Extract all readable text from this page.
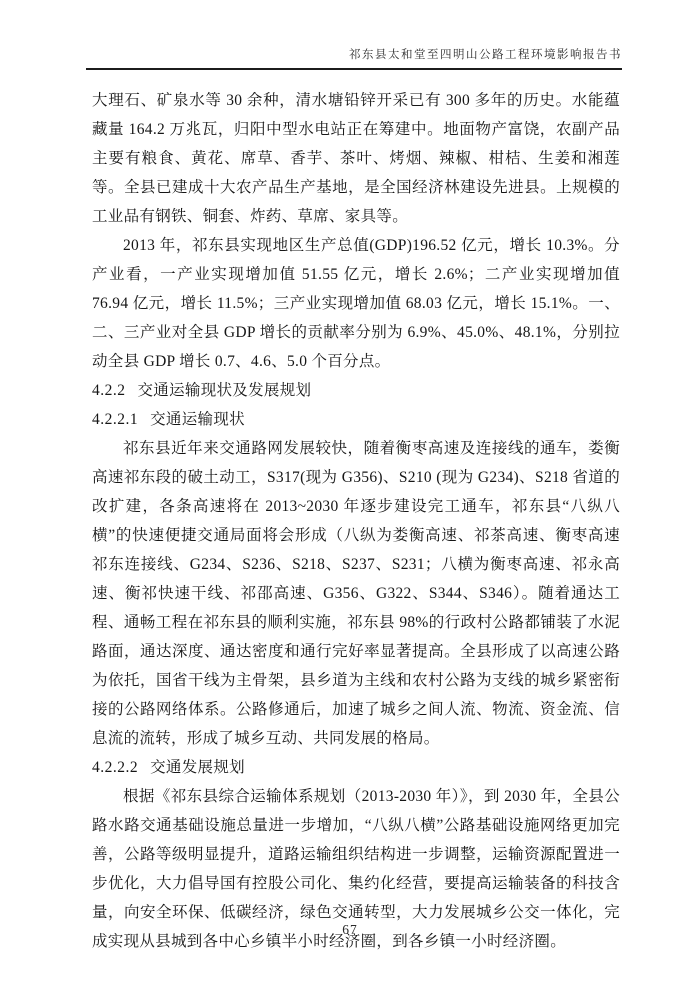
祁东县太和堂至四明山公路工程环境影响报告书

大理石、矿泉水等 30 余种，清水塘铅锌开采已有 300 多年的历史。水能蕴藏量 164.2 万兆瓦，归阳中型水电站正在筹建中。地面物产富饶，农副产品主要有粮食、黄花、席草、香芋、茶叶、烤烟、辣椒、柑桔、生姜和湘莲等。全县已建成十大农产品生产基地，是全国经济林建设先进县。上规模的工业品有钢铁、铜套、炸药、草席、家具等。

2013 年，祁东县实现地区生产总值(GDP)196.52 亿元，增长 10.3%。分产业看，一产业实现增加值 51.55 亿元，增长 2.6%；二产业实现增加值 76.94 亿元，增长 11.5%；三产业实现增加值 68.03 亿元，增长 15.1%。一、二、三产业对全县 GDP 增长的贡献率分别为 6.9%、45.0%、48.1%，分别拉动全县 GDP 增长 0.7、4.6、5.0 个百分点。

4.2.2 交通运输现状及发展规划
4.2.2.1 交通运输现状

祁东县近年来交通路网发展较快，随着衡枣高速及连接线的通车，娄衡高速祁东段的破土动工，S317(现为 G356)、S210 (现为 G234)、S218 省道的改扩建，各条高速将在 2013~2030 年逐步建设完工通车，祁东县“八纵八横”的快速便捷交通局面将会形成（八纵为娄衡高速、祁茶高速、衡枣高速祁东连接线、G234、S236、S218、S237、S231；八横为衡枣高速、祁永高速、衡祁快速干线、祁邵高速、G356、G322、S344、S346）。随着通达工程、通畅工程在祁东县的顺利实施，祁东县 98%的行政村公路都铺装了水泥路面，通达深度、通达密度和通行完好率显著提高。全县形成了以高速公路为依托，国省干线为主骨架，县乡道为主线和农村公路为支线的城乡紧密衔接的公路网络体系。公路修通后，加速了城乡之间人流、物流、资金流、信息流的流转，形成了城乡互动、共同发展的格局。

4.2.2.2 交通发展规划

根据《祁东县综合运输体系规划（2013-2030 年）》，到 2030 年，全县公路水路交通基础设施总量进一步增加，“八纵八横”公路基础设施网络更加完善，公路等级明显提升，道路运输组织结构进一步调整，运输资源配置进一步优化，大力倡导国有控股公司化、集约化经营，要提高运输装备的科技含量，向安全环保、低碳经济，绿色交通转型，大力发展城乡公交一体化，完成实现从县城到各中心乡镇半小时经济圈，到各乡镇一小时经济圈。

67
